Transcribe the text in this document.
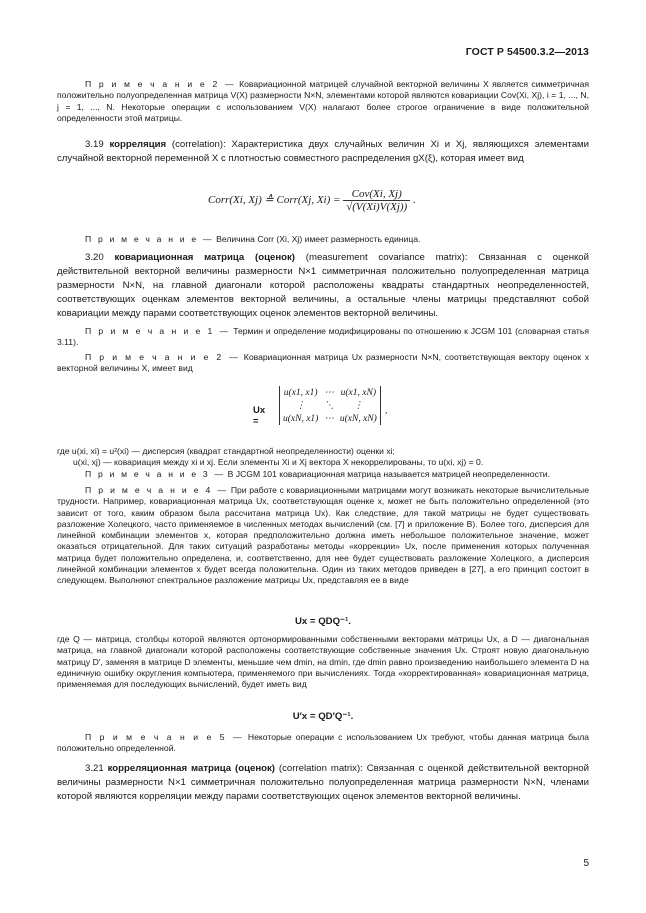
ГОСТ Р 54500.3.2—2013

П р и м е ч а н и е 2 — Ковариационной матрицей случайной векторной величины X является симметричная положительно полуопределенная матрица V(X) размерности N×N, элементами которой являются ковариации Cov(Xi, Xj), i = 1, ..., N, j = 1, ..., N. Некоторые операции с использованием V(X) налагают более строгое ограничение в виде положительной определенности этой матрицы.

3.19 корреляция (correlation): Характеристика двух случайных величин Xi и Xj, являющихся элементами случайной векторной переменной X с плотностью совместного распределения gX(ξ), которая имеет вид

Corr(Xi, Xj) ≙ Corr(Xj, $Xi) = \frac{\text{Cov(Xi, Xj)}}{√(V(Xi)V(Xj))}$ .

П р и м е ч а н и е — Величина Corr (Xi, Xj) имеет размерность единица.

3.20 ковариационная матрица (оценок) (measurement covariance matrix): Связанная с оценкой действительной векторной величины размерности N×1 симметричная положительно полуопределенная матрица размерности N×N, на главной диагонали которой расположены квадраты стандартных неопределенностей, соответствующих оценкам элементов векторной величины, а остальные члены матрицы представляют собой ковариации между парами соответствующих оценок элементов векторной величины.

П р и м е ч а н и е 1 — Термин и определение модифицированы по отношению к JCGM 101 (словарная статья 3.11).

П р и м е ч а н и е 2 — Ковариационная матрица Ux размерности N×N, соответствующая вектору оценок x векторной величины X, имеет вид

Ux =
u(x1, x1)	⋯	u(x1, xN)
⋮	⋱	⋮
u(xN, x1)	⋯	u(xN, xN)
,

где u(xi, xi) = u²(xi) — дисперсия (квадрат стандартной неопределенности) оценки xi;

u(xi, xj) — ковариация между xi и xj. Если элементы Xi и Xj вектора X некоррелированы, то u(xi, xj) = 0.

П р и м е ч а н и е 3 — В JCGM 101 ковариационная матрица называется матрицей неопределенности.

П р и м е ч а н и е 4 — При работе с ковариационными матрицами могут возникать некоторые вычислительные трудности. Например, ковариационная матрица Ux, соответствующая оценке x, может не быть положительно определенной (это зависит от того, каким образом была рассчитана матрица Ux). Как следствие, для такой матрицы не будет существовать разложение Холецкого, часто применяемое в численных методах вычислений (см. [7] и приложение В). Более того, дисперсия для линейной комбинации элементов x, которая предположительно должна иметь небольшое положительное значение, может оказаться отрицательной. Для таких ситуаций разработаны методы «коррекции» Ux, после применения которых полученная матрица будет положительно определена, и, соответственно, для нее будет существовать разложение Холецкого, а дисперсия линейной комбинации элементов x будет всегда положительна. Один из таких методов приведен в [27], а его принцип состоит в следующем. Выполняют спектральное разложение матрицы Ux, представляя ее в виде

Ux = QDQ⁻¹.

где Q — матрица, столбцы которой являются ортонормированными собственными векторами матрицы Ux, а D — диагональная матрица, на главной диагонали которой расположены соответствующие собственные значения Ux. Строят новую диагональную матрицу D′, заменяя в матрице D элементы, меньшие чем dmin, на dmin, где dmin равно произведению наибольшего элемента D на единичную ошибку округления компьютера, применяемого при вычислениях. Тогда «корректированная» ковариационная матрица, применяемая для последующих вычислений, будет иметь вид

U′x = QD′Q⁻¹.

П р и м е ч а н и е 5 — Некоторые операции с использованием Ux требуют, чтобы данная матрица была положительно определенной.

3.21 корреляционная матрица (оценок) (correlation matrix): Связанная с оценкой действительной векторной величины размерности N×1 симметричная положительно полуопределенная матрица размерности N×N, членами которой являются корреляции между парами соответствующих оценок элементов векторной величины.

5
